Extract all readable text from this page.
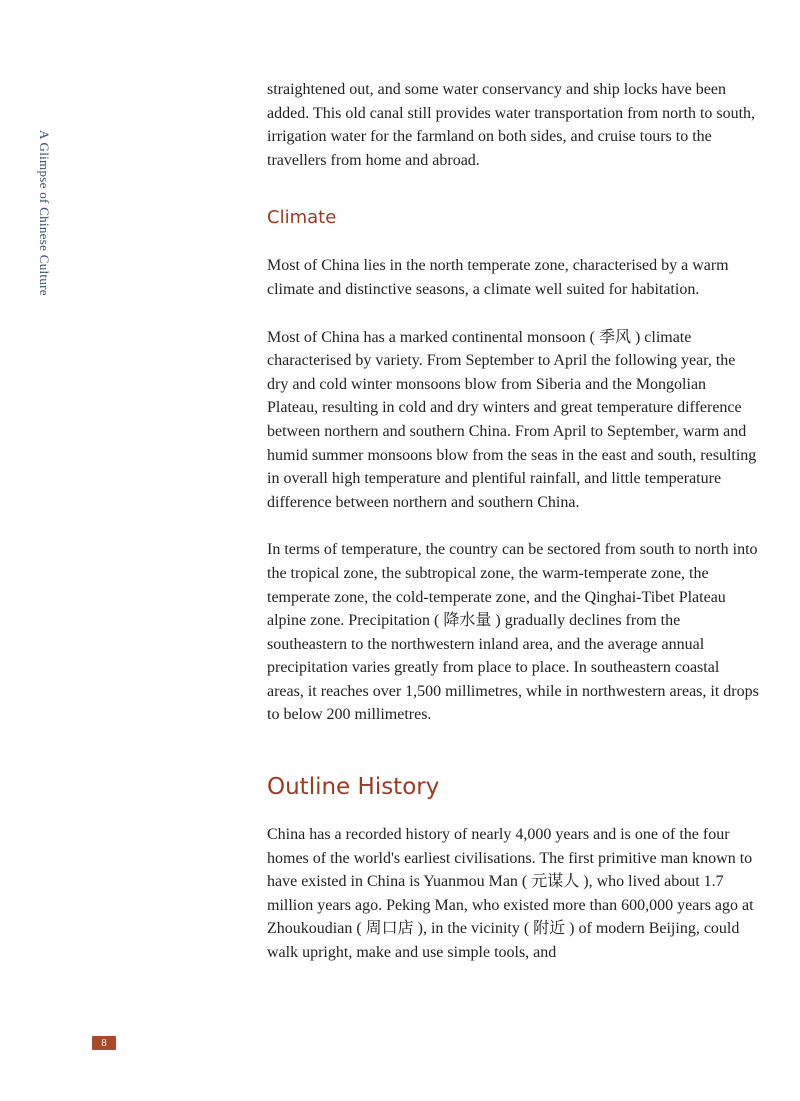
A Glimpse of Chinese Culture

straightened out, and some water conservancy and ship locks have been added. This old canal still provides water transportation from north to south, irrigation water for the farmland on both sides, and cruise tours to the travellers from home and abroad.

Climate

Most of China lies in the north temperate zone, characterised by a warm climate and distinctive seasons, a climate well suited for habitation.

Most of China has a marked continental monsoon ( 季风 ) climate characterised by variety. From September to April the following year, the dry and cold winter monsoons blow from Siberia and the Mongolian Plateau, resulting in cold and dry winters and great temperature difference between northern and southern China. From April to September, warm and humid summer monsoons blow from the seas in the east and south, resulting in overall high temperature and plentiful rainfall, and little temperature difference between northern and southern China.

In terms of temperature, the country can be sectored from south to north into the tropical zone, the subtropical zone, the warm-temperate zone, the temperate zone, the cold-temperate zone, and the Qinghai-Tibet Plateau alpine zone. Precipitation ( 降水量 ) gradually declines from the southeastern to the northwestern inland area, and the average annual precipitation varies greatly from place to place. In southeastern coastal areas, it reaches over 1,500 millimetres, while in northwestern areas, it drops to below 200 millimetres.

Outline History

China has a recorded history of nearly 4,000 years and is one of the four homes of the world's earliest civilisations. The first primitive man known to have existed in China is Yuanmou Man ( 元谋人 ), who lived about 1.7 million years ago. Peking Man, who existed more than 600,000 years ago at Zhoukoudian ( 周口店 ), in the vicinity ( 附近 ) of modern Beijing, could walk upright, make and use simple tools, and

8
